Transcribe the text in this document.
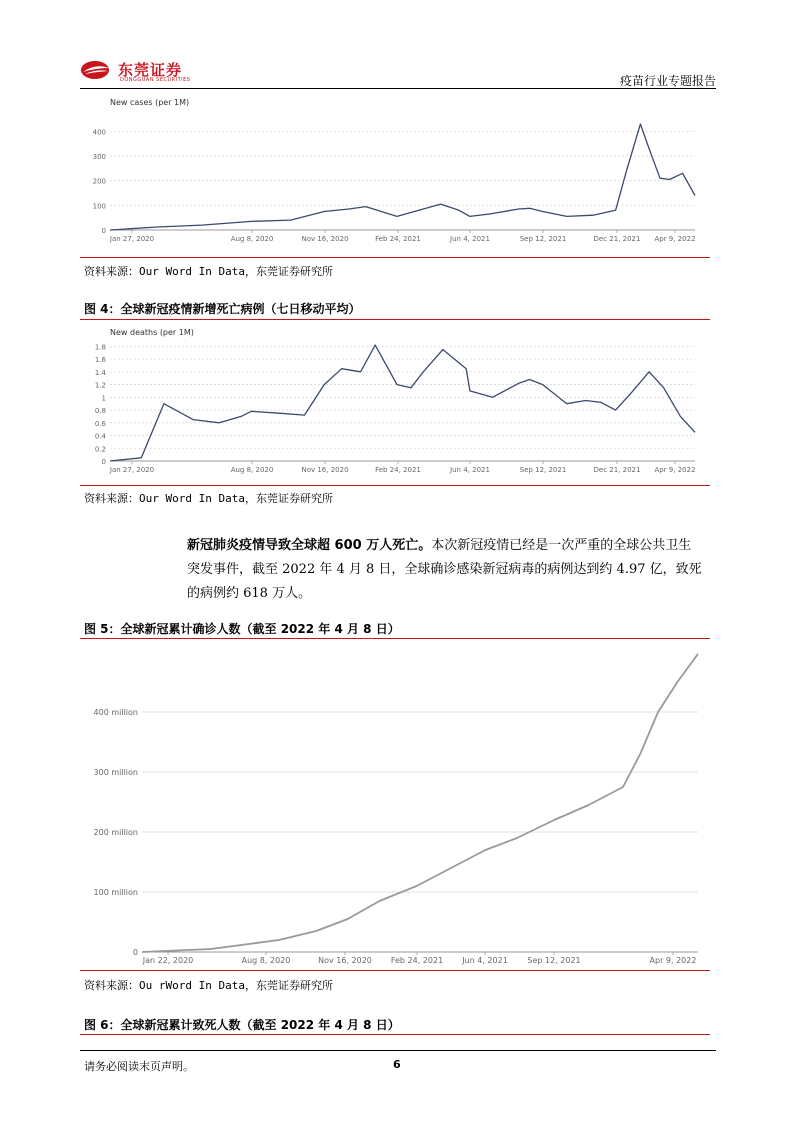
东莞证券
DONGGUAN SECURITIES	疫苗行业专题报告
New cases (per 1M)
0
100
200
300
400
Jan 27, 2020	Aug 8, 2020	Nov 16, 2020	Feb 24, 2021	Jun 4, 2021	Sep 12, 2021	Dec 21, 2021 Apr 9, 2022
资料来源：Our Word In Data，东莞证券研究所
图 4：全球新冠疫情新增死亡病例（七日移动平均）
New deaths (per 1M)
0
0.2
0.4
0.6
0.8
1
1.2
1.4
1.6
1.8
Jan 27, 2020	Aug 8, 2020	Nov 16, 2020	Feb 24, 2021	Jun 4, 2021	Sep 12, 2021	Dec 21, 2021 Apr 9, 2022
资料来源：Our Word In Data，东莞证券研究所
新冠肺炎疫情导致全球超 600 万人死亡。本次新冠疫情已经是一次严重的全球公共卫生
突发事件，截至 2022 年 4 月 8 日，全球确诊感染新冠病毒的病例达到约 4.97 亿，致死
的病例约 618 万人。
图 5：全球新冠累计确诊人数（截至 2022 年 4 月 8 日）
0
100 million
200 million
300 million
400 million
Jan 22, 2020	Aug 8, 2020	Nov 16, 2020 Feb 24, 2021 Jun 4, 2021 Sep 12, 2021	Apr 9, 2022
资料来源：Ou rWord In Data，东莞证券研究所
图 6：全球新冠累计致死人数（截至 2022 年 4 月 8 日）
请务必阅读末页声明。	6
